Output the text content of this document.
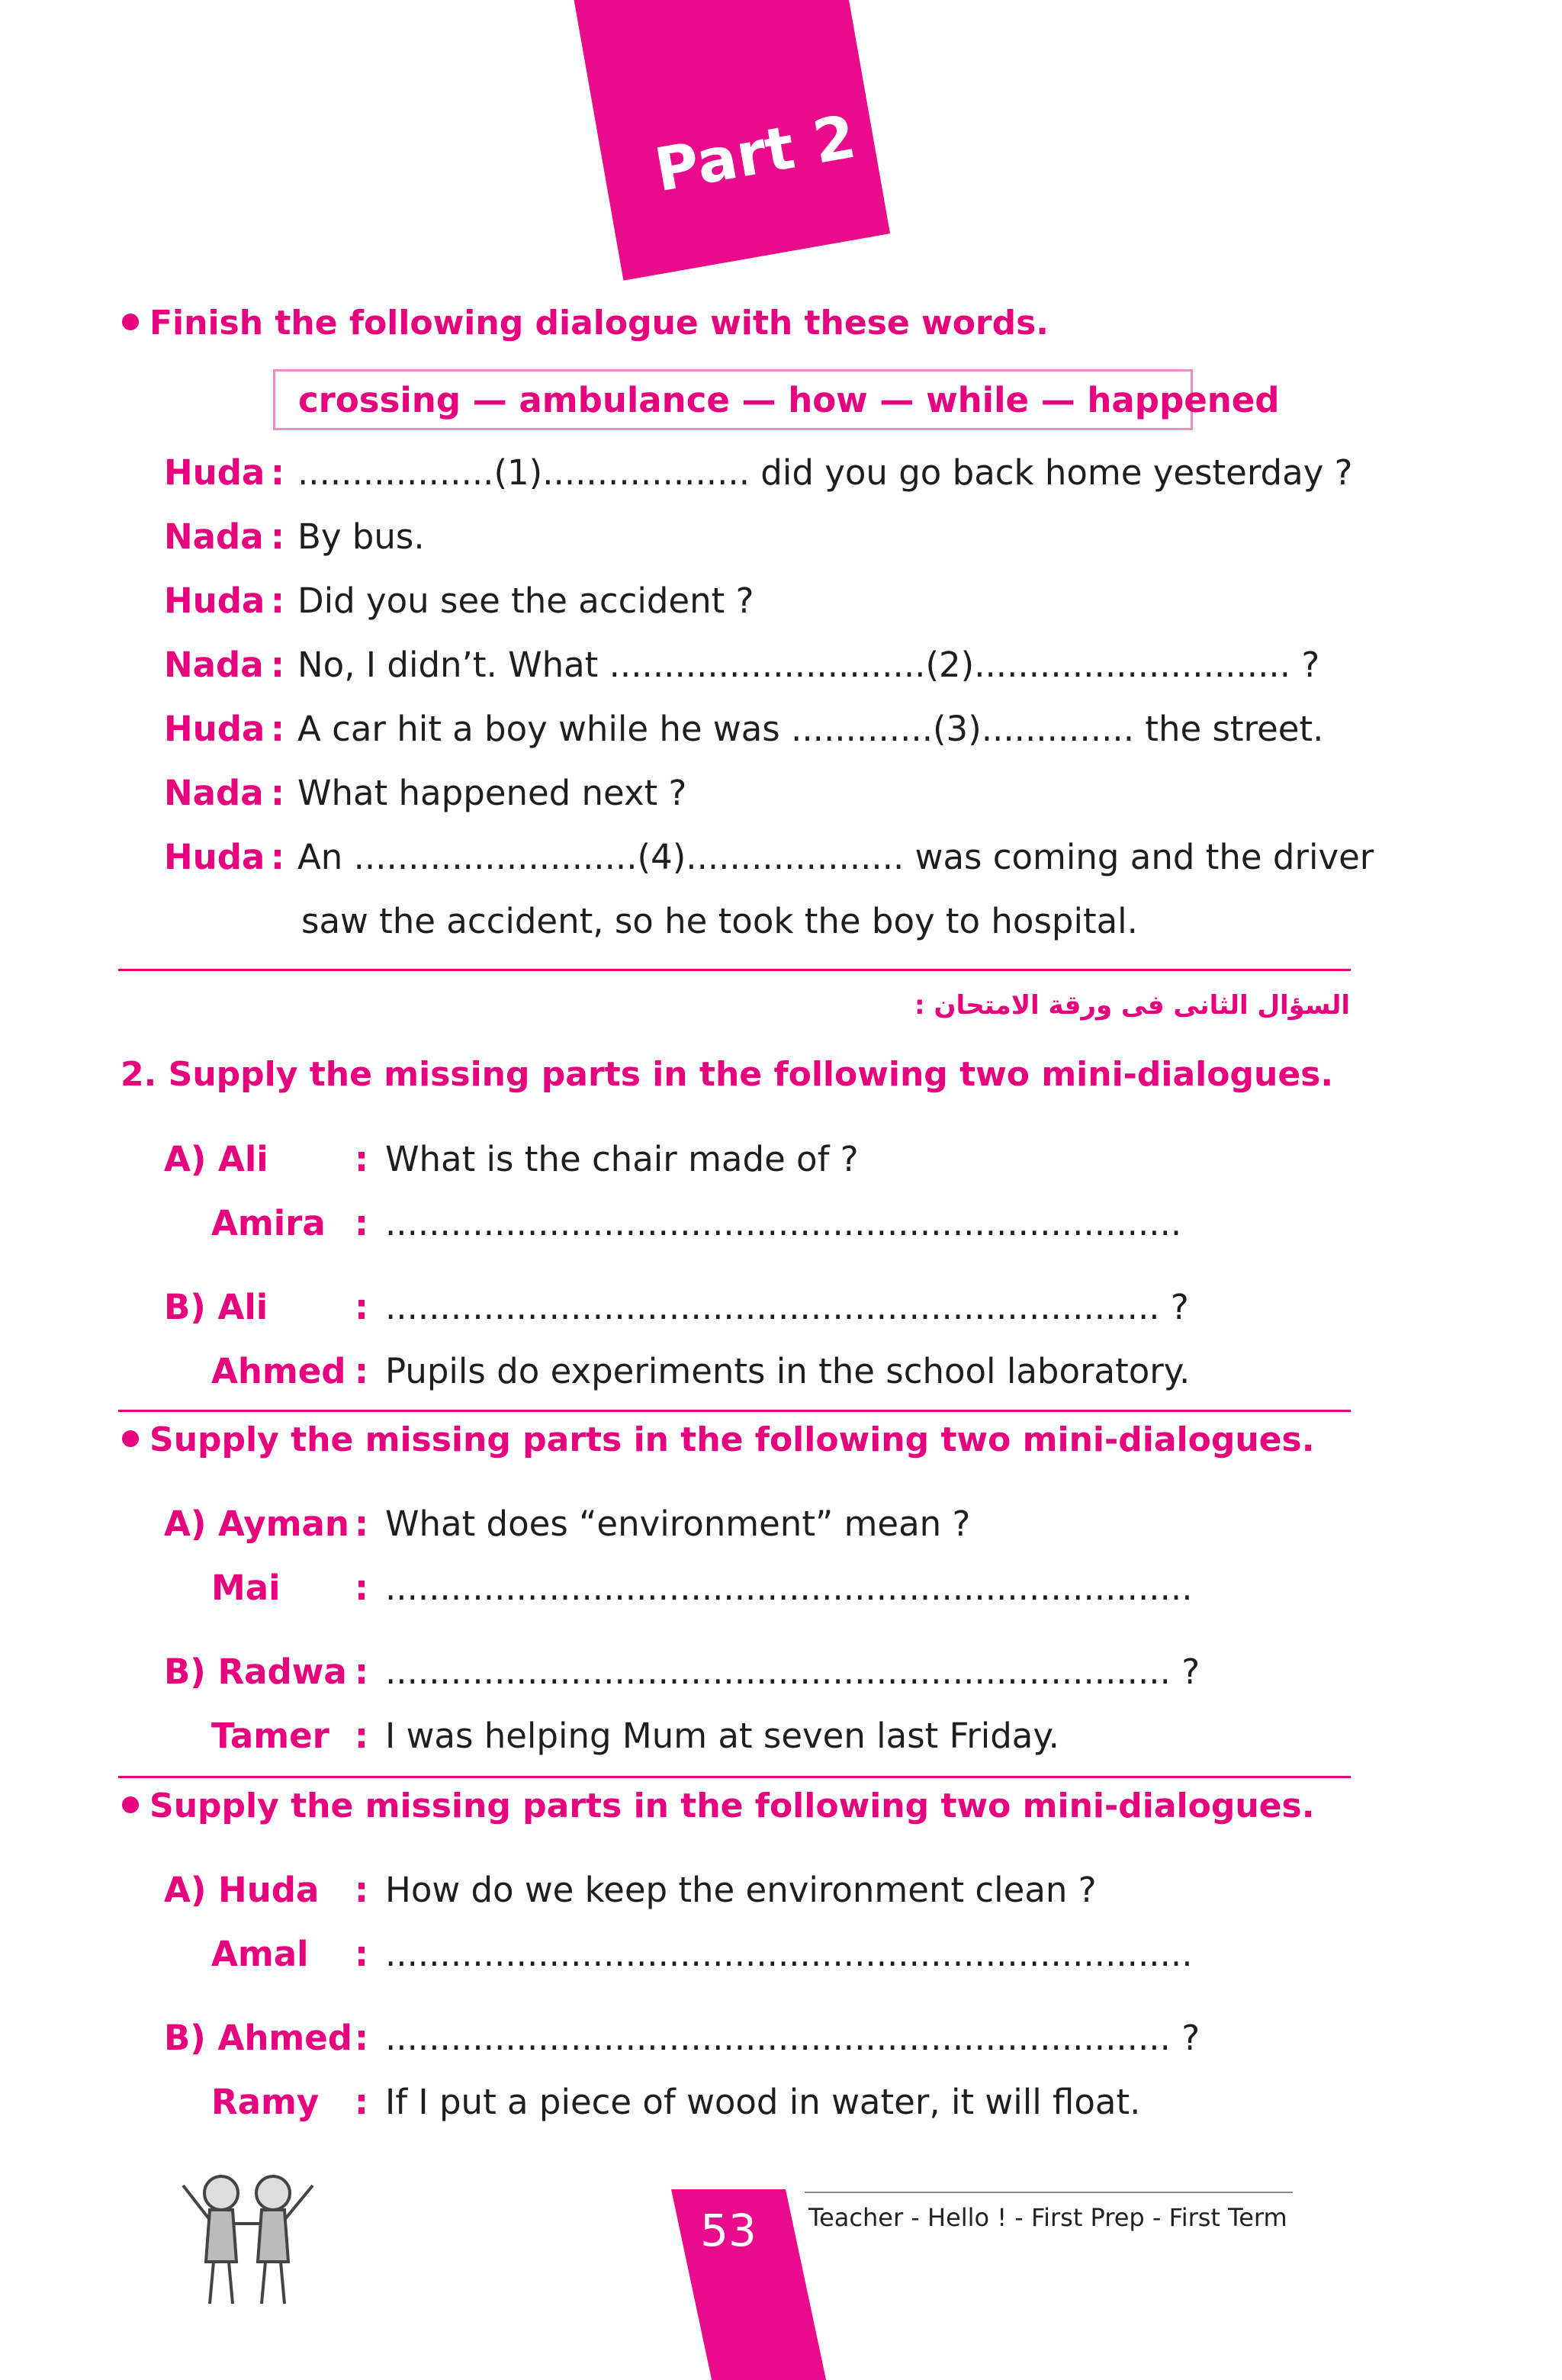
Part 2
Finish the following dialogue with these words.
crossing — ambulance — how — while — happened
Huda : ..................(1)................... did you go back home yesterday ?
Nada : By bus.
Huda : Did you see the accident ?
Nada : No, I didn’t. What .............................(2)............................. ?
Huda : A car hit a boy while he was .............(3).............. the street.
Nada : What happened next ?
Huda : An ..........................(4).................... was coming and the driver
saw the accident, so he took the boy to hospital.
السؤال الثانى فى ورقة الامتحان :
2. Supply the missing parts in the following two mini-dialogues.
A) Ali	: What is the chair made of ?
Amira : .........................................................................
B) Ali	: ....................................................................... ?
Ahmed : Pupils do experiments in the school laboratory.
Supply the missing parts in the following two mini-dialogues.
A) Ayman : What does “environment” mean ?
Mai : ..........................................................................
B) Radwa : ........................................................................ ?
Tamer : I was helping Mum at seven last Friday.
Supply the missing parts in the following two mini-dialogues.
A) Huda : How do we keep the environment clean ?
Amal : ..........................................................................
B) Ahmed: ........................................................................ ?
Ramy : If I put a piece of wood in water, it will float.
53 Teacher - Hello ! - First Prep - First Term
